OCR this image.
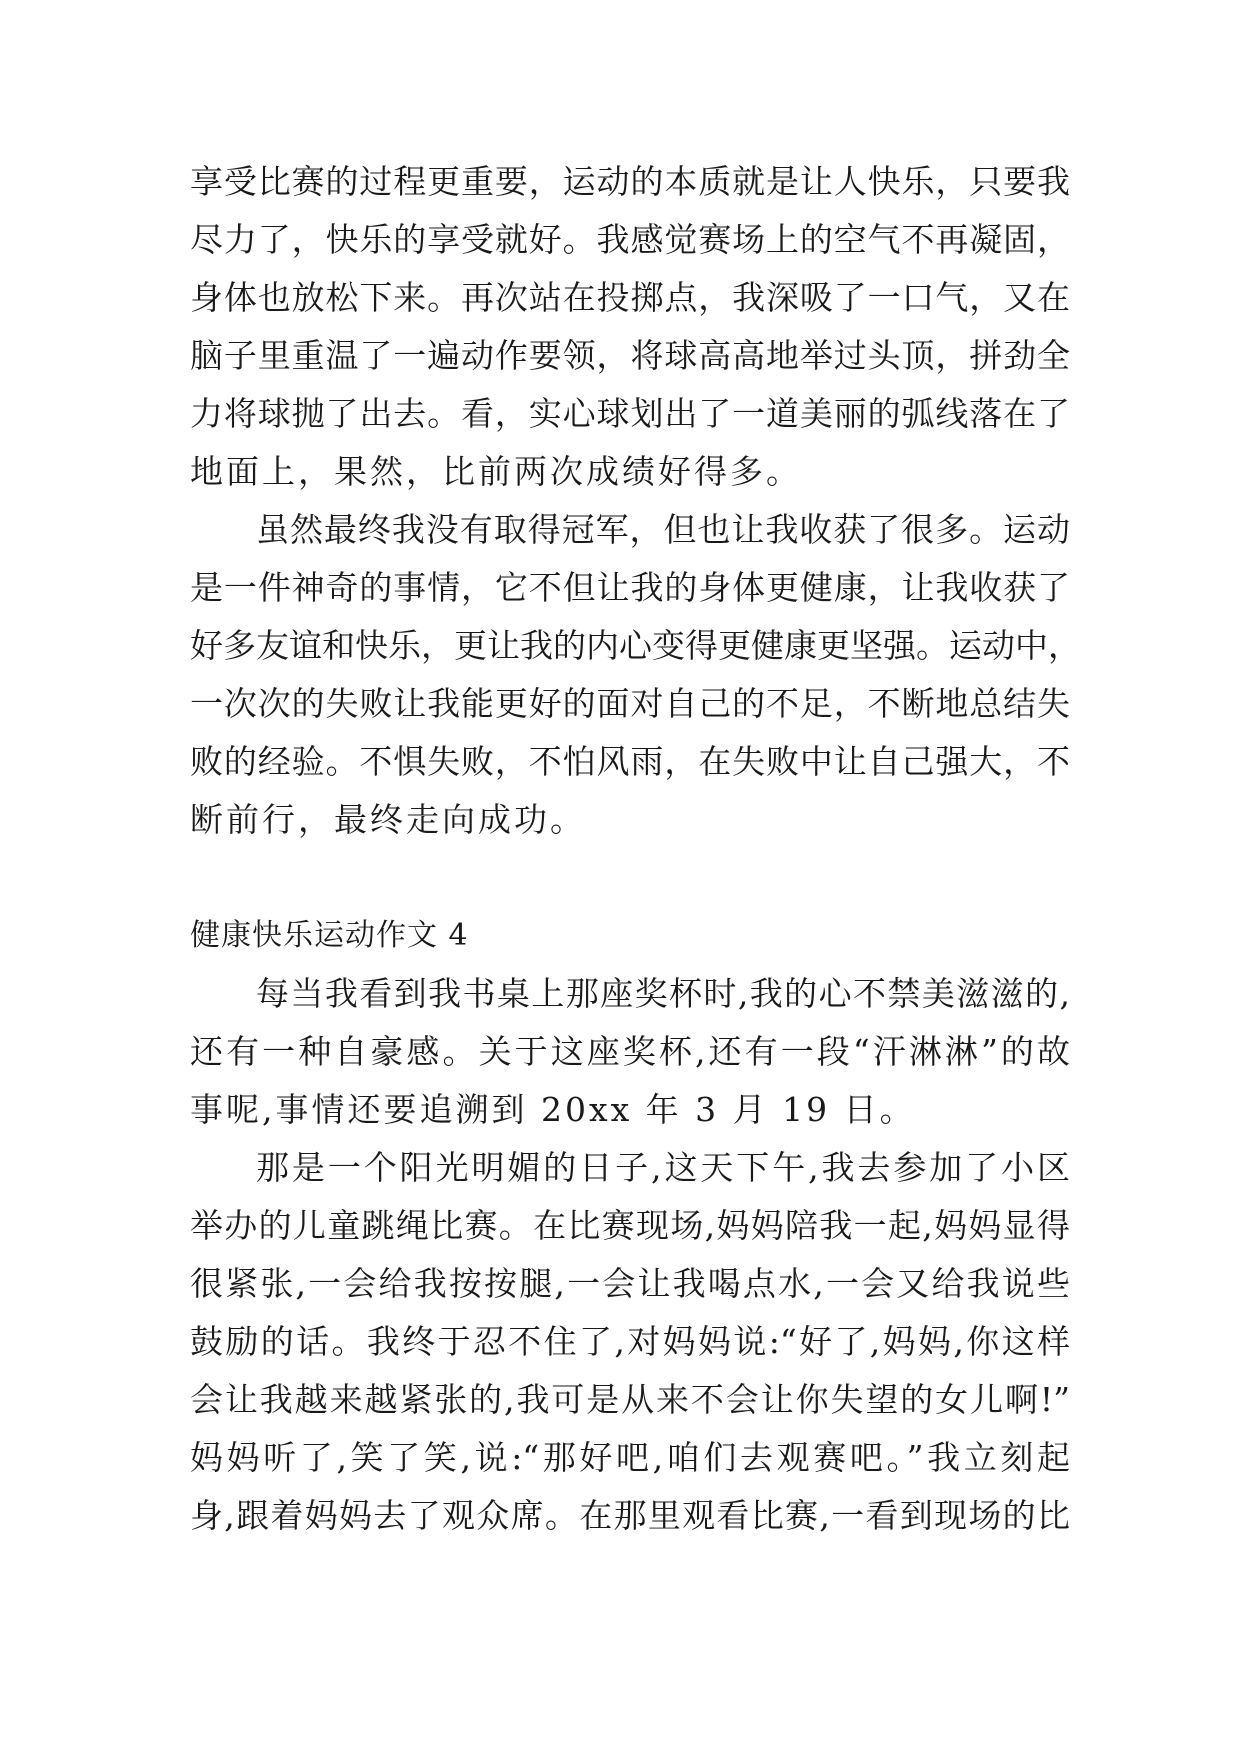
享受比赛的过程更重要，运动的本质就是让人快乐，只要我
尽力了，快乐的享受就好。我感觉赛场上的空气不再凝固，
身体也放松下来。再次站在投掷点，我深吸了一口气，又在
脑子里重温了一遍动作要领，将球高高地举过头顶，拼劲全
力将球抛了出去。看，实心球划出了一道美丽的弧线落在了
地面上，果然，比前两次成绩好得多。
虽然最终我没有取得冠军，但也让我收获了很多。运动
是一件神奇的事情，它不但让我的身体更健康，让我收获了
好多友谊和快乐，更让我的内心变得更健康更坚强。运动中，
一次次的失败让我能更好的面对自己的不足，不断地总结失
败的经验。不惧失败，不怕风雨，在失败中让自己强大，不
断前行，最终走向成功。
健康快乐运动作文 4
每当我看到我书桌上那座奖杯时,我的心不禁美滋滋的,
还有一种自豪感。关于这座奖杯,还有一段“汗淋淋”的故
事呢,事情还要追溯到 20xx 年 3 月 19 日。
那是一个阳光明媚的日子,这天下午,我去参加了小区
举办的儿童跳绳比赛。在比赛现场,妈妈陪我一起,妈妈显得
很紧张,一会给我按按腿,一会让我喝点水,一会又给我说些
鼓励的话。我终于忍不住了,对妈妈说:“好了,妈妈,你这样
会让我越来越紧张的,我可是从来不会让你失望的女儿啊!”
妈妈听了,笑了笑,说:“那好吧,咱们去观赛吧。”我立刻起
身,跟着妈妈去了观众席。在那里观看比赛,一看到现场的比
